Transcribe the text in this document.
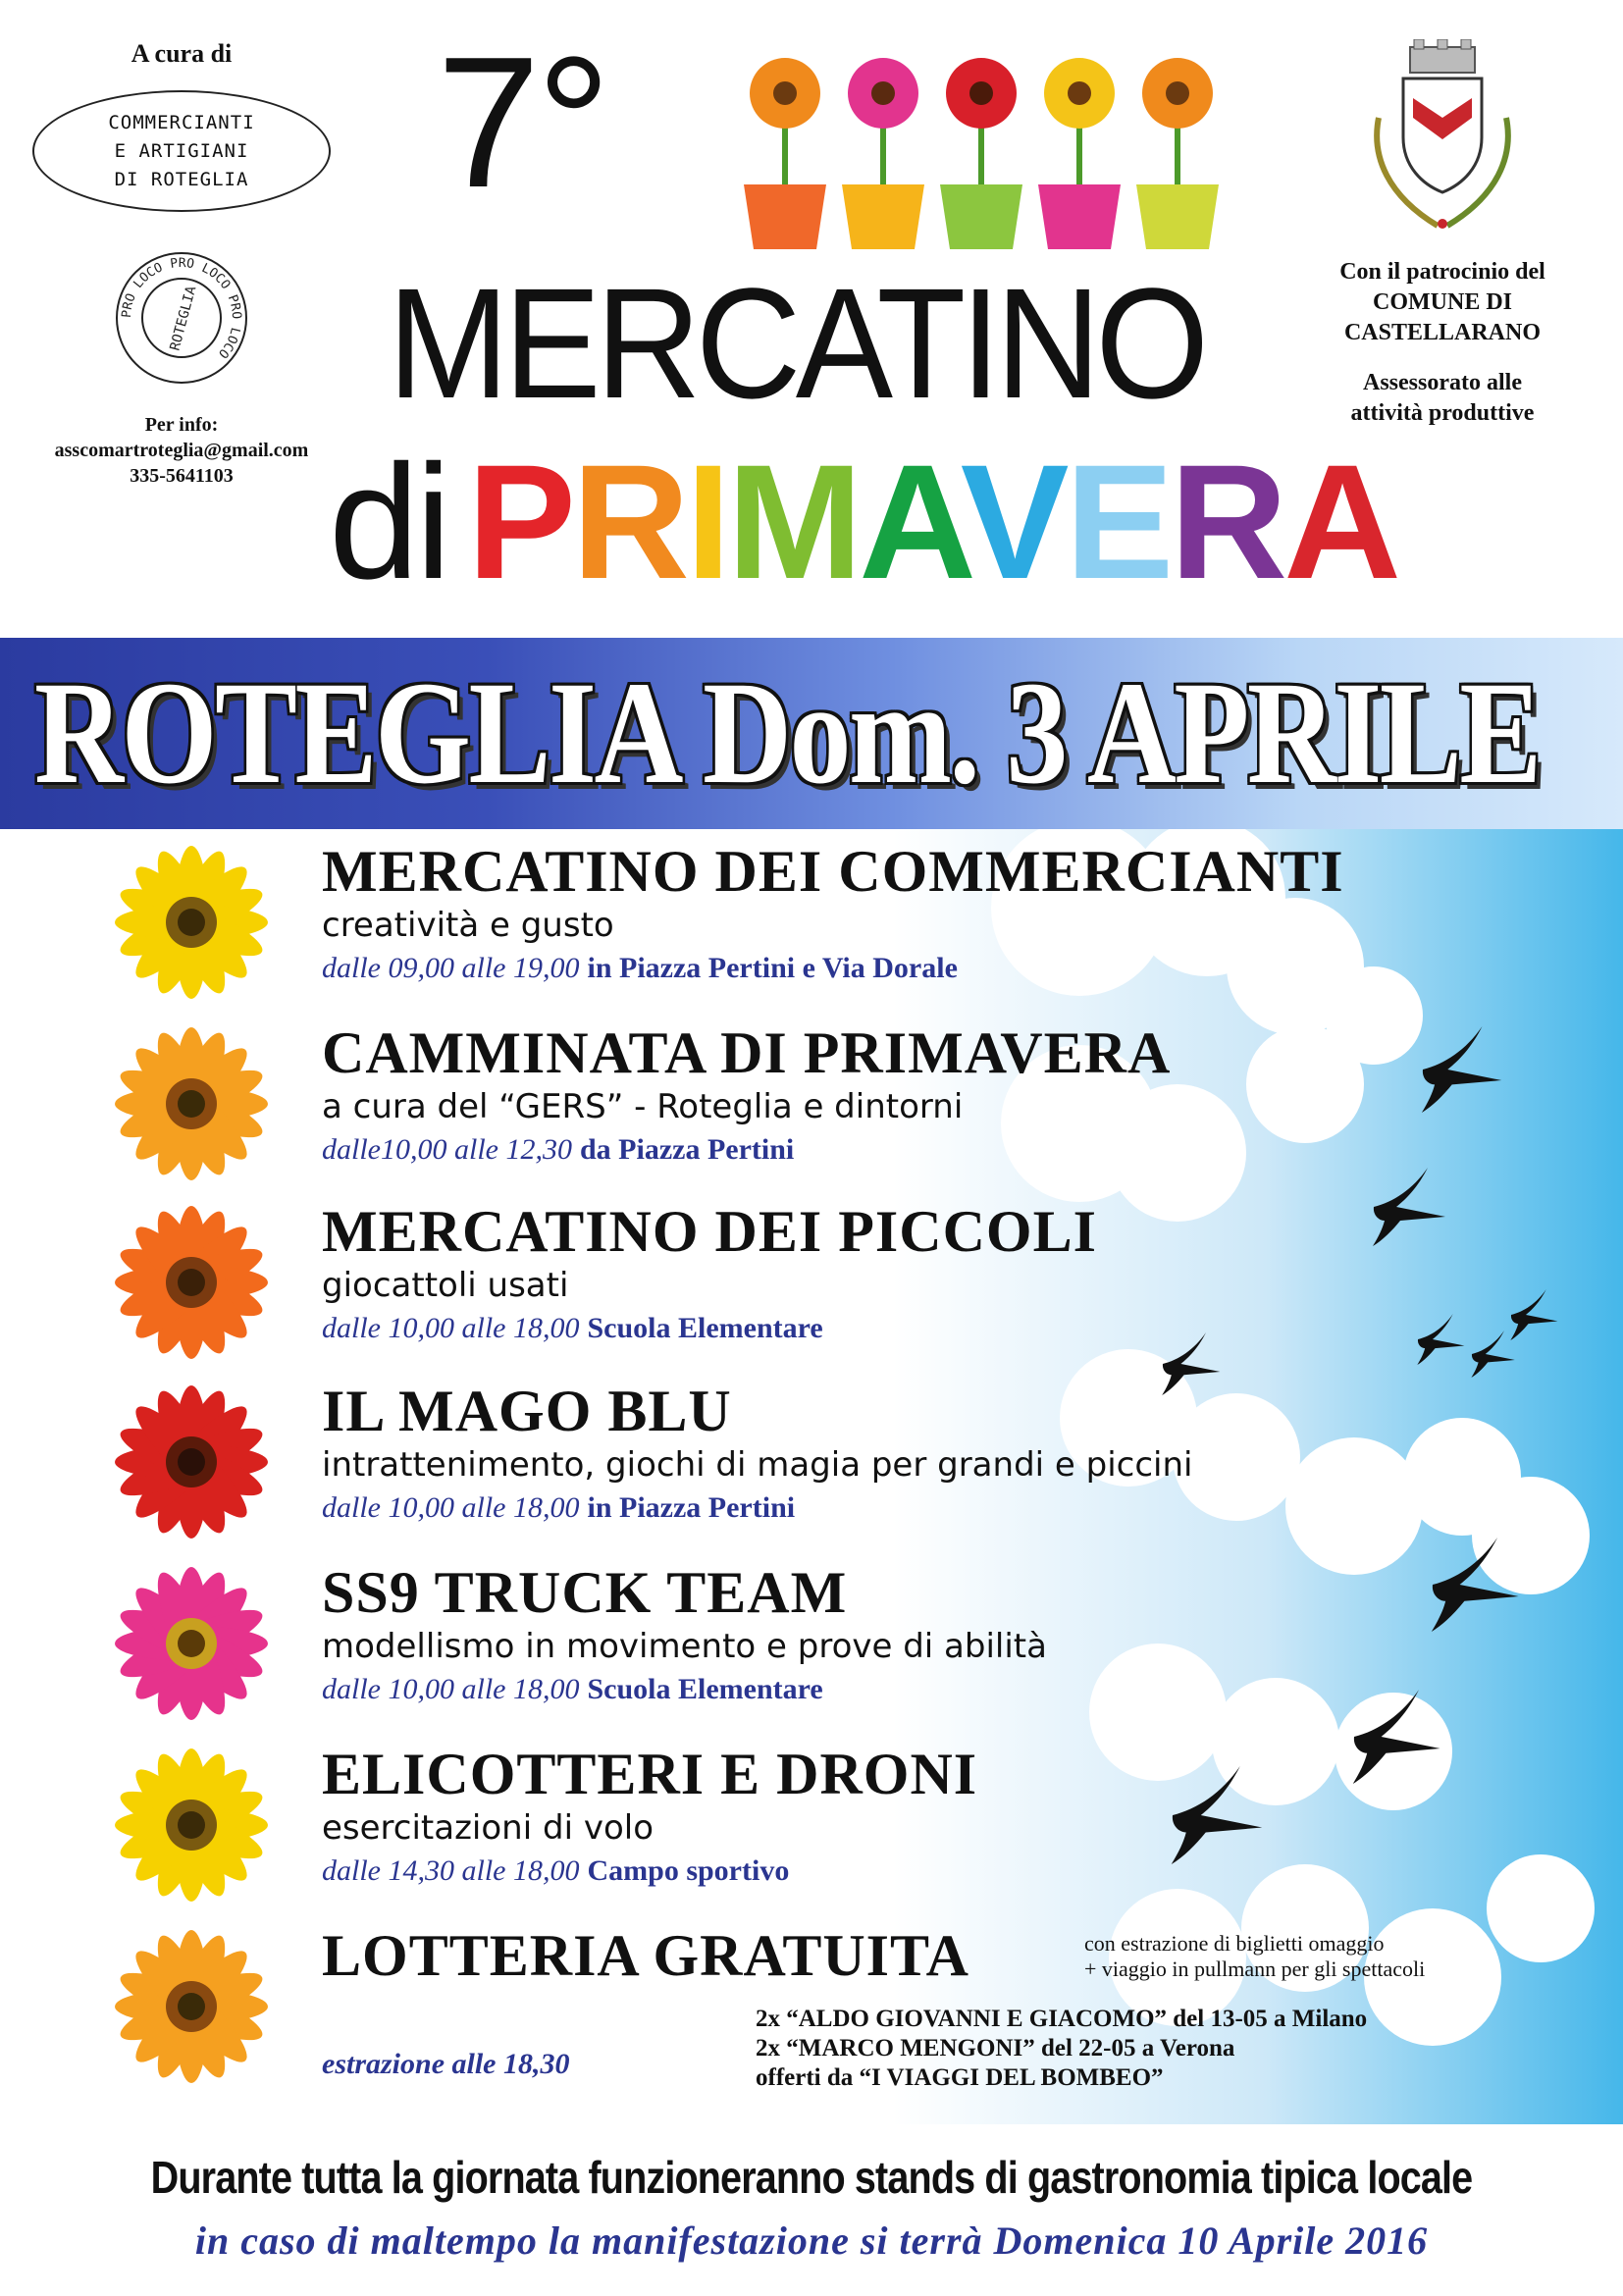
A cura di
COMMERCIANTI
E ARTIGIANI
DI ROTEGLIA
PRO LOCO PRO LOCO PRO LOCO
ROTEGLIA
Per info:
asscomartroteglia@gmail.com
335-5641103
7°
MERCATINO
di PRIMAVERA
Con il patrocinio del
COMUNE DI
CASTELLARANO
Assessorato alle
attività produttive
ROTEGLIA Dom. 3 APRILE
MERCATINO DEI COMMERCIANTI
creatività e gusto
dalle 09,00 alle 19,00 in Piazza Pertini e Via Dorale
CAMMINATA DI PRIMAVERA
a cura del “GERS” - Roteglia e dintorni
dalle10,00 alle 12,30 da Piazza Pertini
MERCATINO DEI PICCOLI
giocattoli usati
dalle 10,00 alle 18,00 Scuola Elementare
IL MAGO BLU
intrattenimento, giochi di magia per grandi e piccini
dalle 10,00 alle 18,00 in Piazza Pertini
SS9 TRUCK TEAM
modellismo in movimento e prove di abilità
dalle 10,00 alle 18,00 Scuola Elementare
ELICOTTERI E DRONI
esercitazioni di volo
dalle 14,30 alle 18,00 Campo sportivo
LOTTERIA GRATUITA	con estrazione di biglietti omaggio
+ viaggio in pullmann per gli spettacoli
2x “ALDO GIOVANNI E GIACOMO” del 13-05 a Milano
2x “MARCO MENGONI” del 22-05 a Verona
offerti da “I VIAGGI DEL BOMBEO”
estrazione alle 18,30
Durante tutta la giornata funzioneranno stands di gastronomia tipica locale
in caso di maltempo la manifestazione si terrà Domenica 10 Aprile 2016
